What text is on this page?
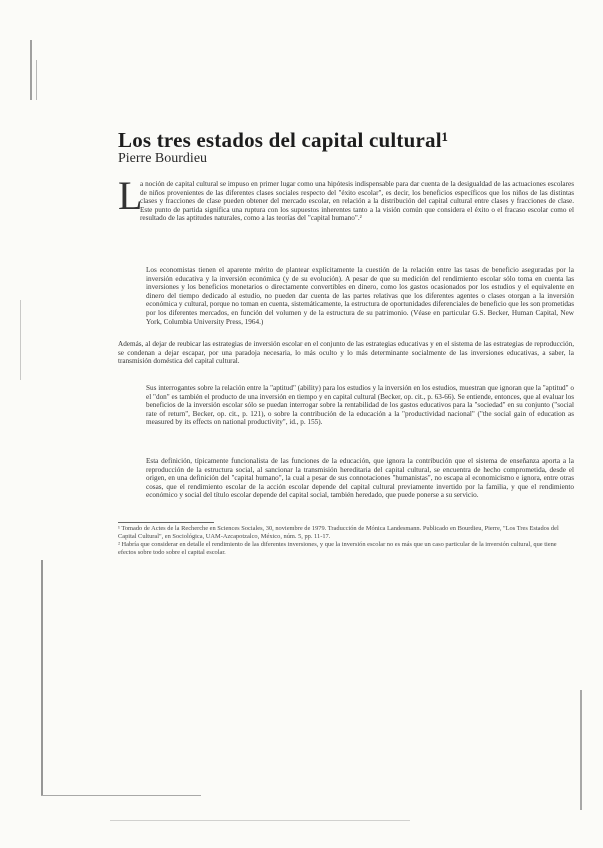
Los tres estados del capital cultural¹
Pierre Bourdieu
L

a noción de capital cultural se impuso en primer lugar como una hipótesis indispensable para dar cuenta de la desigualdad de las actuaciones escolares de niños provenientes de las diferentes clases sociales respecto del "éxito escolar", es decir, los beneficios específicos que los niños de las distintas clases y fracciones de clase pueden obtener del mercado escolar, en relación a la distribución del capital cultural entre clases y fracciones de clase. Este punto de partida significa una ruptura con los supuestos inherentes tanto a la visión común que considera el éxito o el fracaso escolar como el resultado de las aptitudes naturales, como a las teorías del "capital humano".²

Los economistas tienen el aparente mérito de plantear explícitamente la cuestión de la relación entre las tasas de beneficio aseguradas por la inversión educativa y la inversión económica (y de su evolución). A pesar de que su medición del rendimiento escolar sólo toma en cuenta las inversiones y los beneficios monetarios o directamente convertibles en dinero, como los gastos ocasionados por los estudios y el equivalente en dinero del tiempo dedicado al estudio, no pueden dar cuenta de las partes relativas que los diferentes agentes o clases otorgan a la inversión económica y cultural, porque no toman en cuenta, sistemáticamente, la estructura de oportunidades diferenciales de beneficio que les son prometidas por los diferentes mercados, en función del volumen y de la estructura de su patrimonio. (Véase en particular G.S. Becker, Human Capital, New York, Columbia University Press, 1964.)

Además, al dejar de reubicar las estrategias de inversión escolar en el conjunto de las estrategias educativas y en el sistema de las estrategias de reproducción, se condenan a dejar escapar, por una paradoja necesaria, lo más oculto y lo más determinante socialmente de las inversiones educativas, a saber, la transmisión doméstica del capital cultural.

Sus interrogantes sobre la relación entre la "aptitud" (ability) para los estudios y la inversión en los estudios, muestran que ignoran que la "aptitud" o el "don" es también el producto de una inversión en tiempo y en capital cultural (Becker, op. cit., p. 63-66). Se entiende, entonces, que al evaluar los beneficios de la inversión escolar sólo se puedan interrogar sobre la rentabilidad de los gastos educativos para la "sociedad" en su conjunto ("social rate of return", Becker, op. cit., p. 121), o sobre la contribución de la educación a la "productividad nacional" ("the social gain of education as measured by its effects on national productivity", id., p. 155).

Esta definición, típicamente funcionalista de las funciones de la educación, que ignora la contribución que el sistema de enseñanza aporta a la reproducción de la estructura social, al sancionar la transmisión hereditaria del capital cultural, se encuentra de hecho comprometida, desde el origen, en una definición del "capital humano", la cual a pesar de sus connotaciones "humanistas", no escapa al economicismo e ignora, entre otras cosas, que el rendimiento escolar de la acción escolar depende del capital cultural previamente invertido por la familia, y que el rendimiento económico y social del título escolar depende del capital social, también heredado, que puede ponerse a su servicio.

¹ Tomado de Actes de la Recherche en Sciences Sociales, 30, noviembre de 1979. Traducción de Mónica Landesmann. Publicado en Bourdieu, Pierre, "Los Tres Estados del Capital Cultural", en Sociológica, UAM-Azcapotzalco, México, núm. 5, pp. 11-17.

² Habría que considerar en detalle el rendimiento de las diferentes inversiones, y que la inversión escolar no es más que un caso particular de la inversión cultural, que tiene efectos sobre todo sobre el capital escolar.
